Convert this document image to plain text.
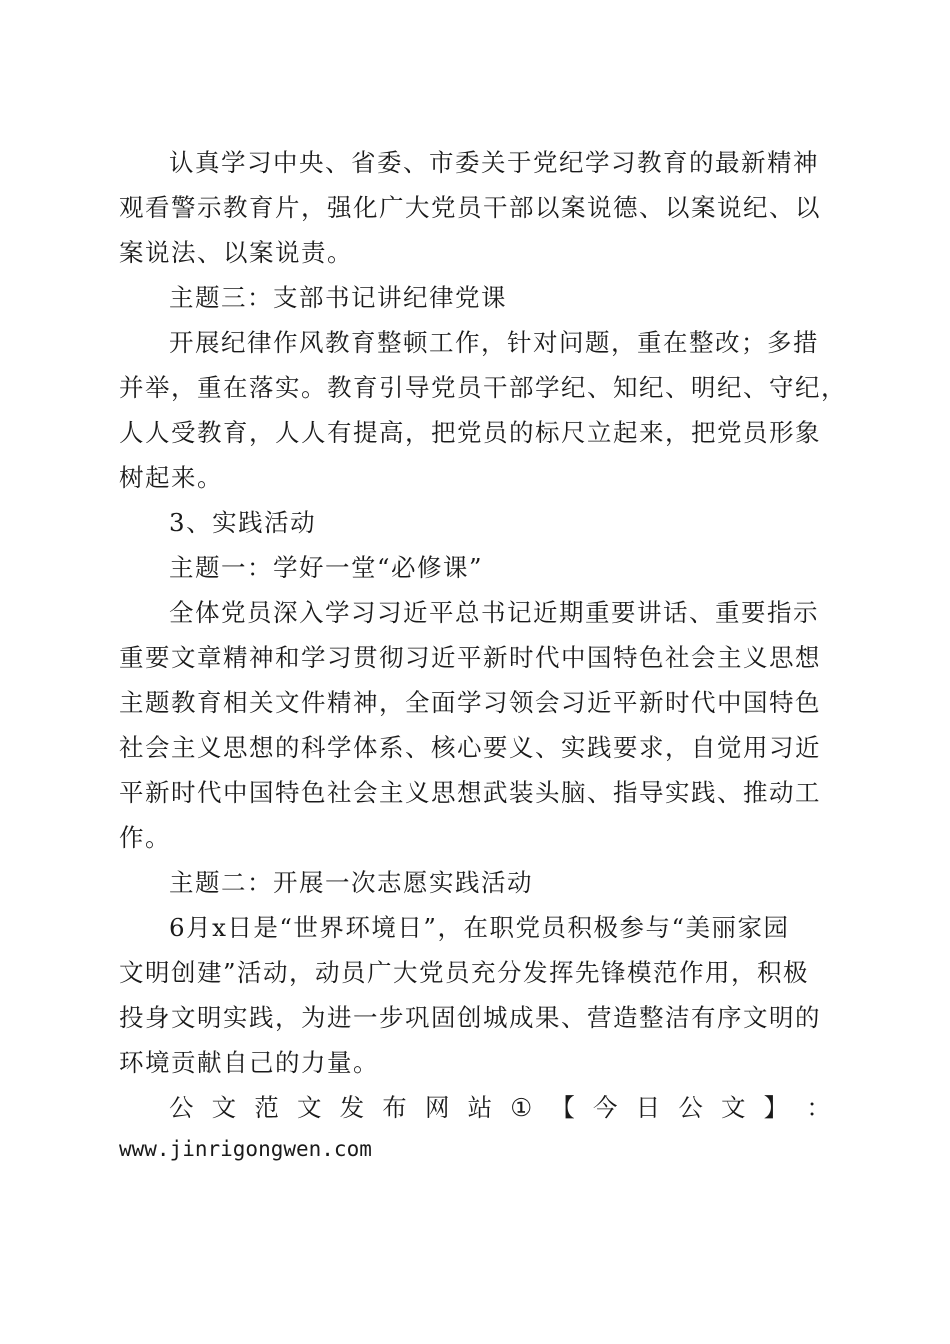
认真学习中央、省委、市委关于党纪学习教育的最新精神
观看警示教育片，强化广大党员干部以案说德、以案说纪、以
案说法、以案说责。
主题三：支部书记讲纪律党课
开展纪律作风教育整顿工作，针对问题，重在整改；多措
并举，重在落实。教育引导党员干部学纪、知纪、明纪、守纪，
人人受教育，人人有提高，把党员的标尺立起来，把党员形象
树起来。
3、实践活动
主题一：学好一堂“必修课”
全体党员深入学习习近平总书记近期重要讲话、重要指示
重要文章精神和学习贯彻习近平新时代中国特色社会主义思想
主题教育相关文件精神，全面学习领会习近平新时代中国特色
社会主义思想的科学体系、核心要义、实践要求，自觉用习近
平新时代中国特色社会主义思想武装头脑、指导实践、推动工
作。
主题二：开展一次志愿实践活动
6月x日是“世界环境日”，在职党员积极参与“美丽家园
文明创建”活动，动员广大党员充分发挥先锋模范作用，积极
投身文明实践，为进一步巩固创城成果、营造整洁有序文明的
环境贡献自己的力量。
公 文 范 文 发 布 网 站 ① 【 今 日 公 文 】 ：
www.jinrigongwen.com
